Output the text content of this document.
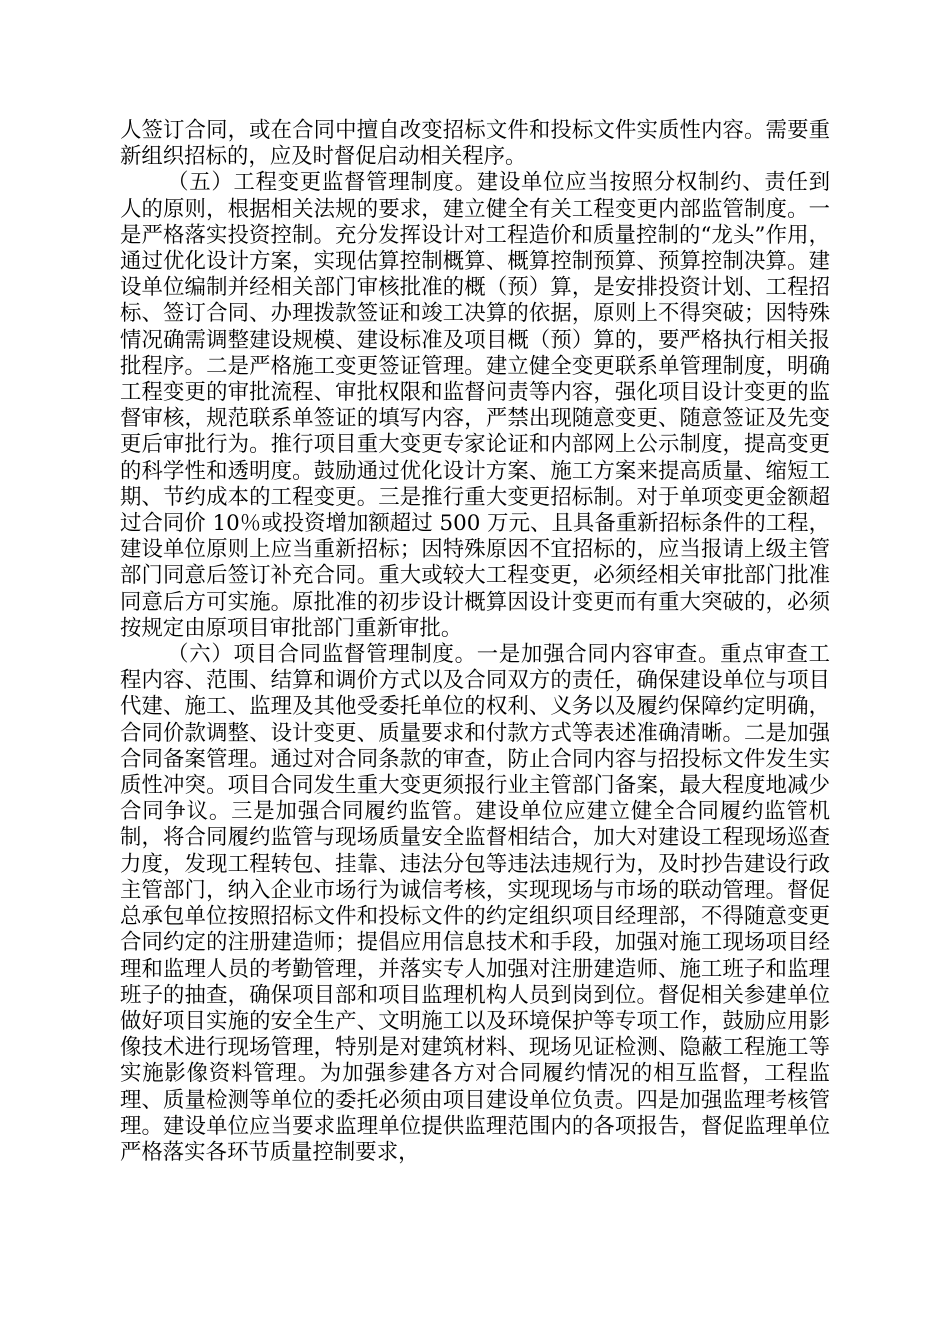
人签订合同，或在合同中擅自改变招标文件和投标文件实质性内容。需要重新组织招标的，应及时督促启动相关程序。

（五）工程变更监督管理制度。建设单位应当按照分权制约、责任到人的原则，根据相关法规的要求，建立健全有关工程变更内部监管制度。一是严格落实投资控制。充分发挥设计对工程造价和质量控制的“龙头”作用，通过优化设计方案，实现估算控制概算、概算控制预算、预算控制决算。建设单位编制并经相关部门审核批准的概（预）算，是安排投资计划、工程招标、签订合同、办理拨款签证和竣工决算的依据，原则上不得突破；因特殊情况确需调整建设规模、建设标准及项目概（预）算的，要严格执行相关报批程序。二是严格施工变更签证管理。建立健全变更联系单管理制度，明确工程变更的审批流程、审批权限和监督问责等内容，强化项目设计变更的监督审核，规范联系单签证的填写内容，严禁出现随意变更、随意签证及先变更后审批行为。推行项目重大变更专家论证和内部网上公示制度，提高变更的科学性和透明度。鼓励通过优化设计方案、施工方案来提高质量、缩短工期、节约成本的工程变更。三是推行重大变更招标制。对于单项变更金额超过合同价 10％或投资增加额超过 500 万元、且具备重新招标条件的工程，建设单位原则上应当重新招标；因特殊原因不宜招标的，应当报请上级主管部门同意后签订补充合同。重大或较大工程变更，必须经相关审批部门批准同意后方可实施。原批准的初步设计概算因设计变更而有重大突破的，必须按规定由原项目审批部门重新审批。

（六）项目合同监督管理制度。一是加强合同内容审查。重点审查工程内容、范围、结算和调价方式以及合同双方的责任，确保建设单位与项目代建、施工、监理及其他受委托单位的权利、义务以及履约保障约定明确，合同价款调整、设计变更、质量要求和付款方式等表述准确清晰。二是加强合同备案管理。通过对合同条款的审查，防止合同内容与招投标文件发生实质性冲突。项目合同发生重大变更须报行业主管部门备案，最大程度地减少合同争议。三是加强合同履约监管。建设单位应建立健全合同履约监管机制，将合同履约监管与现场质量安全监督相结合，加大对建设工程现场巡查力度，发现工程转包、挂靠、违法分包等违法违规行为，及时抄告建设行政主管部门，纳入企业市场行为诚信考核，实现现场与市场的联动管理。督促总承包单位按照招标文件和投标文件的约定组织项目经理部，不得随意变更合同约定的注册建造师；提倡应用信息技术和手段，加强对施工现场项目经理和监理人员的考勤管理，并落实专人加强对注册建造师、施工班子和监理班子的抽查，确保项目部和项目监理机构人员到岗到位。督促相关参建单位做好项目实施的安全生产、文明施工以及环境保护等专项工作，鼓励应用影像技术进行现场管理，特别是对建筑材料、现场见证检测、隐蔽工程施工等实施影像资料管理。为加强参建各方对合同履约情况的相互监督，工程监理、质量检测等单位的委托必须由项目建设单位负责。四是加强监理考核管理。建设单位应当要求监理单位提供监理范围内的各项报告，督促监理单位严格落实各环节质量控制要求，
